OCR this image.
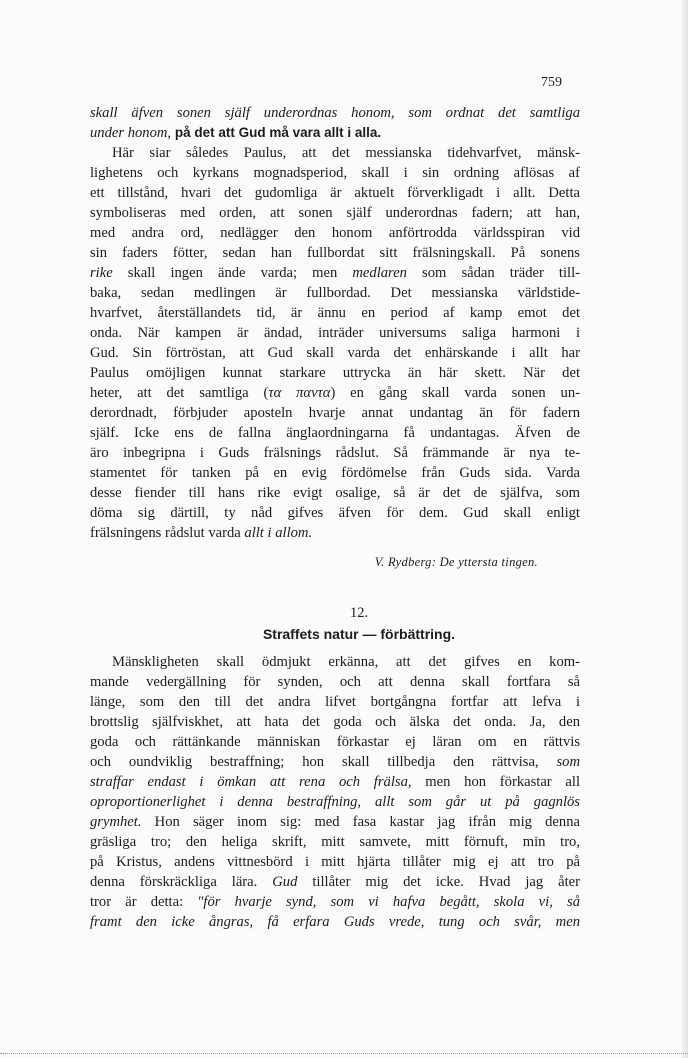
759
skall äfven sonen själf underordnas honom, som ordnat det samtliga
under honom, på det att Gud må vara allt i alla.
Här siar således Paulus, att det messianska tidehvarfvet, mänsk-
lighetens och kyrkans mognadsperiod, skall i sin ordning aflösas af
ett tillstånd, hvari det gudomliga är aktuelt förverkligadt i allt. Detta
symboliseras med orden, att sonen själf underordnas fadern; att han,
med andra ord, nedlägger den honom anförtrodda världsspiran vid
sin faders fötter, sedan han fullbordat sitt frälsningskall. På sonens
rike skall ingen ände varda; men medlaren som sådan träder till-
baka, sedan medlingen är fullbordad. Det messianska världstide-
hvarfvet, återställandets tid, är ännu en period af kamp emot det
onda. När kampen är ändad, inträder universums saliga harmoni i
Gud. Sin förtröstan, att Gud skall varda det enhärskande i allt har
Paulus omöjligen kunnat starkare uttrycka än här skett. När det
heter, att det samtliga (τα παντα) en gång skall varda sonen un-
derordnadt, förbjuder aposteln hvarje annat undantag än för fadern
själf. Icke ens de fallna änglaordningarna få undantagas. Äfven de
äro inbegripna i Guds frälsnings rådslut. Så främmande är nya te-
stamentet för tanken på en evig fördömelse från Guds sida. Varda
desse fiender till hans rike evigt osalige, så är det de själfva, som
döma sig därtill, ty nåd gifves äfven för dem. Gud skall enligt
frälsningens rådslut varda allt i allom.
V. Rydberg: De yttersta tingen.
12.
Straffets natur — förbättring.
Mänskligheten skall ödmjukt erkänna, att det gifves en kom-
mande vedergällning för synden, och att denna skall fortfara så
länge, som den till det andra lifvet bortgångna fortfar att lefva i
brottslig själfviskhet, att hata det goda och älska det onda. Ja, den
goda och rättänkande människan förkastar ej läran om en rättvis
och oundviklig bestraffning; hon skall tillbedja den rättvisa, som
straffar endast i ömkan att rena och frälsa, men hon förkastar all
oproportionerlighet i denna bestraffning, allt som går ut på gagnlös
grymhet. Hon säger inom sig: med fasa kastar jag ifrån mig denna
gräsliga tro; den heliga skrift, mitt samvete, mitt förnuft, min tro,
på Kristus, andens vittnesbörd i mitt hjärta tillåter mig ej att tro på
denna förskräckliga lära. Gud tillåter mig det icke. Hvad jag åter
tror är detta: "för hvarje synd, som vi hafva begått, skola vi, så
framt den icke ångras, få erfara Guds vrede, tung och svår, men
